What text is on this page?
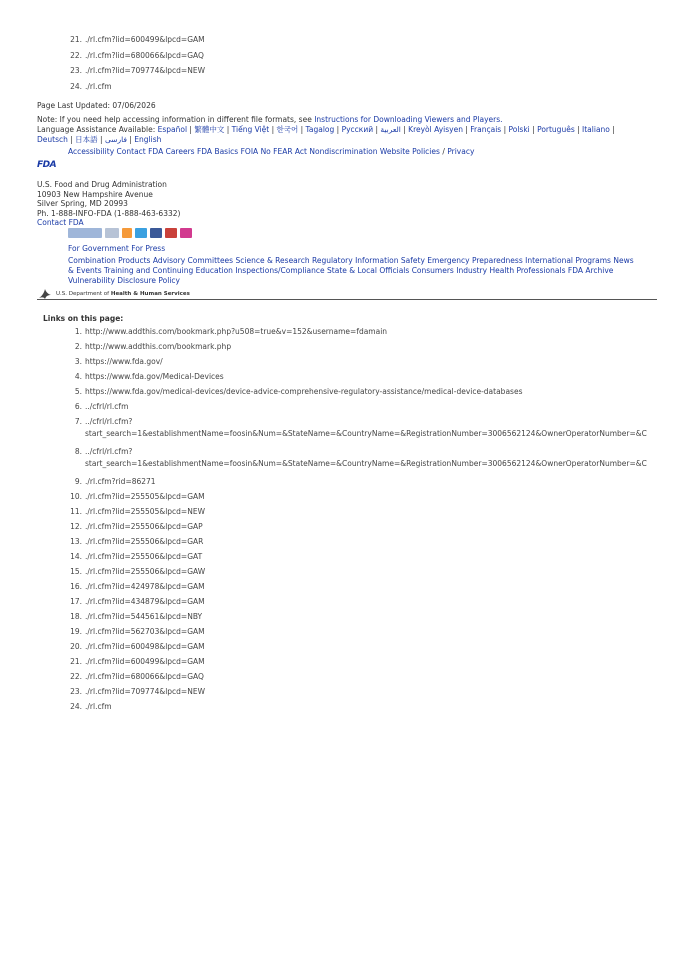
21. ./rl.cfm?lid=600499&lpcd=GAM
22. ./rl.cfm?lid=680066&lpcd=GAQ
23. ./rl.cfm?lid=709774&lpcd=NEW
24. ./rl.cfm
Page Last Updated: 07/06/2026
Note: If you need help accessing information in different file formats, see Instructions for Downloading Viewers and Players.
Language Assistance Available: Español | 繁體中文 | Tiếng Việt | 한국어 | Tagalog | Русский | العربية | Kreyòl Ayisyen | Français | Polski | Português | Italiano |
Deutsch | 日本語 | فارسی | English
Accessibility Contact FDA Careers FDA Basics FOIA No FEAR Act Nondiscrimination Website Policies / Privacy
FDA
U.S. Food and Drug Administration
10903 New Hampshire Avenue
Silver Spring, MD 20993
Ph. 1-888-INFO-FDA (1-888-463-6332)
Contact FDA
For Government For Press
Combination Products Advisory Committees Science & Research Regulatory Information Safety Emergency Preparedness International Programs News
& Events Training and Continuing Education Inspections/Compliance State & Local Officials Consumers Industry Health Professionals FDA Archive
Vulnerability Disclosure Policy
U.S. Department of Health & Human Services
Links on this page:
1. http://www.addthis.com/bookmark.php?u508=true&v=152&username=fdamain
2. http://www.addthis.com/bookmark.php
3. https://www.fda.gov/
4. https://www.fda.gov/Medical-Devices
5. https://www.fda.gov/medical-devices/device-advice-comprehensive-regulatory-assistance/medical-device-databases
6. ../cfrl/rl.cfm
7. ../cfrl/rl.cfm?
start_search=1&establishmentName=foosin&Num=&StateName=&CountryName=&RegistrationNumber=3006562124&OwnerOperatorNumber=&C
8. ../cfrl/rl.cfm?
start_search=1&establishmentName=foosin&Num=&StateName=&CountryName=&RegistrationNumber=3006562124&OwnerOperatorNumber=&C
9. ./rl.cfm?rid=86271
10. ./rl.cfm?lid=255505&lpcd=GAM
11. ./rl.cfm?lid=255505&lpcd=NEW
12. ./rl.cfm?lid=255506&lpcd=GAP
13. ./rl.cfm?lid=255506&lpcd=GAR
14. ./rl.cfm?lid=255506&lpcd=GAT
15. ./rl.cfm?lid=255506&lpcd=GAW
16. ./rl.cfm?lid=424978&lpcd=GAM
17. ./rl.cfm?lid=434879&lpcd=GAM
18. ./rl.cfm?lid=544561&lpcd=NBY
19. ./rl.cfm?lid=562703&lpcd=GAM
20. ./rl.cfm?lid=600498&lpcd=GAM
21. ./rl.cfm?lid=600499&lpcd=GAM
22. ./rl.cfm?lid=680066&lpcd=GAQ
23. ./rl.cfm?lid=709774&lpcd=NEW
24. ./rl.cfm
